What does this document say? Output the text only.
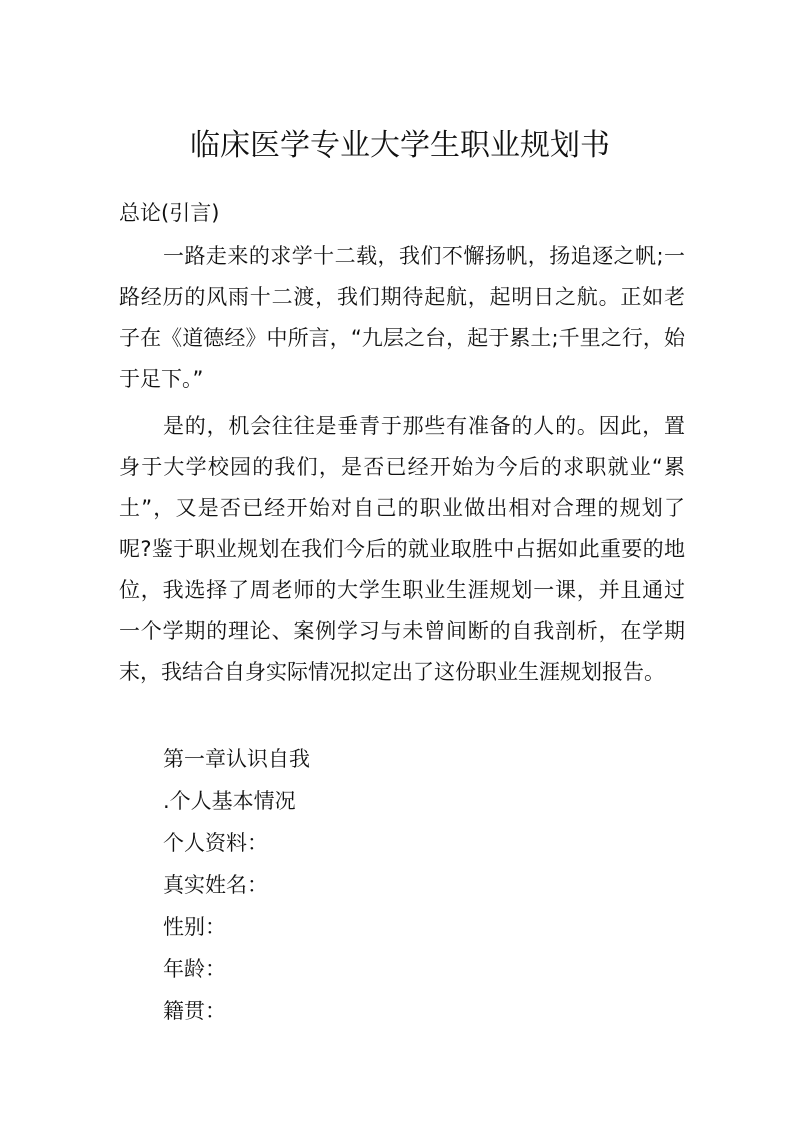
临床医学专业大学生职业规划书
总论(引言)

一路走来的求学十二载，我们不懈扬帆，扬追逐之帆;一路经历的风雨十二渡，我们期待起航，起明日之航。正如老子在《道德经》中所言，“九层之台，起于累土;千里之行，始于足下。”

是的，机会往往是垂青于那些有准备的人的。因此，置身于大学校园的我们，是否已经开始为今后的求职就业“累土”，又是否已经开始对自己的职业做出相对合理的规划了呢?鉴于职业规划在我们今后的就业取胜中占据如此重要的地位，我选择了周老师的大学生职业生涯规划一课，并且通过一个学期的理论、案例学习与未曾间断的自我剖析，在学期末，我结合自身实际情况拟定出了这份职业生涯规划报告。

第一章认识自我
.个人基本情况
个人资料：
真实姓名：
性别：
年龄：
籍贯：
